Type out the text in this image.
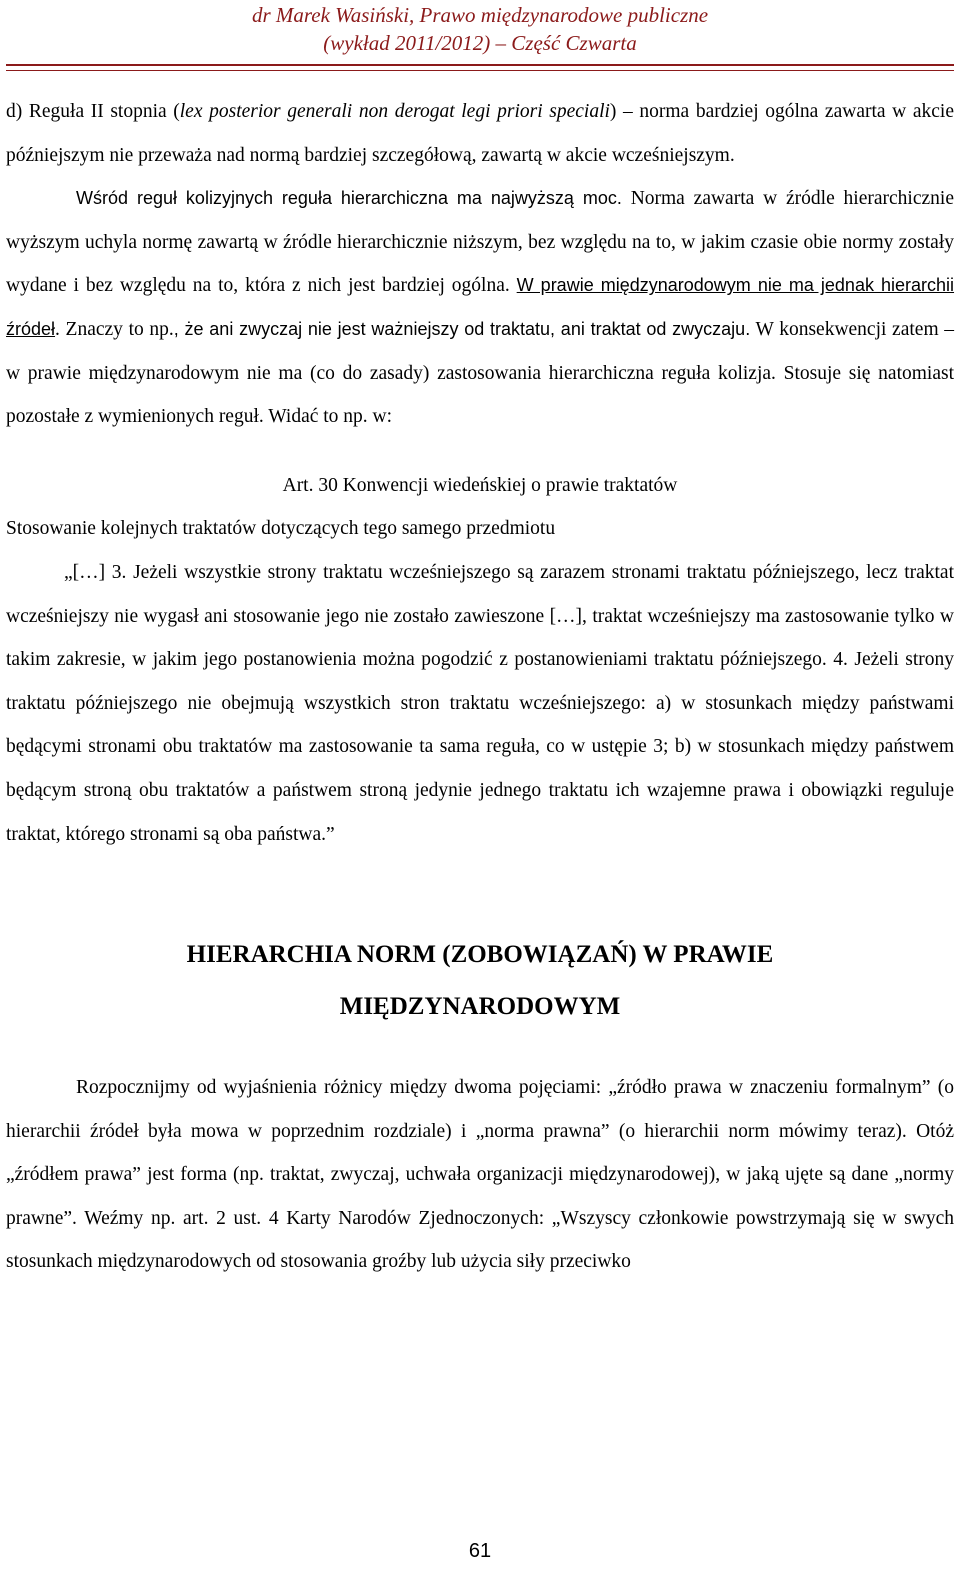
dr Marek Wasiński, Prawo międzynarodowe publiczne
(wykład 2011/2012) – Część Czwarta

d) Reguła II stopnia (lex posterior generali non derogat legi priori speciali) – norma bardziej ogólna zawarta w akcie późniejszym nie przeważa nad normą bardziej szczegółową, zawartą w akcie wcześniejszym.

Wśród reguł kolizyjnych reguła hierarchiczna ma najwyższą moc. Norma zawarta w źródle hierarchicznie wyższym uchyla normę zawartą w źródle hierarchicznie niższym, bez względu na to, w jakim czasie obie normy zostały wydane i bez względu na to, która z nich jest bardziej ogólna. W prawie międzynarodowym nie ma jednak hierarchii źródeł. Znaczy to np., że ani zwyczaj nie jest ważniejszy od traktatu, ani traktat od zwyczaju. W konsekwencji zatem – w prawie międzynarodowym nie ma (co do zasady) zastosowania hierarchiczna reguła kolizja. Stosuje się natomiast pozostałe z wymienionych reguł. Widać to np. w:

Art. 30 Konwencji wiedeńskiej o prawie traktatów

Stosowanie kolejnych traktatów dotyczących tego samego przedmiotu

„[…] 3. Jeżeli wszystkie strony traktatu wcześniejszego są zarazem stronami traktatu późniejszego, lecz traktat wcześniejszy nie wygasł ani stosowanie jego nie zostało zawieszone […], traktat wcześniejszy ma zastosowanie tylko w takim zakresie, w jakim jego postanowienia można pogodzić z postanowieniami traktatu późniejszego. 4. Jeżeli strony traktatu późniejszego nie obejmują wszystkich stron traktatu wcześniejszego: a) w stosunkach między państwami będącymi stronami obu traktatów ma zastosowanie ta sama reguła, co w ustępie 3; b) w stosunkach między państwem będącym stroną obu traktatów a państwem stroną jedynie jednego traktatu ich wzajemne prawa i obowiązki reguluje traktat, którego stronami są oba państwa.”

HIERARCHIA NORM (ZOBOWIĄZAŃ) W PRAWIE
MIĘDZYNARODOWYM

Rozpocznijmy od wyjaśnienia różnicy między dwoma pojęciami: „źródło prawa w znaczeniu formalnym” (o hierarchii źródeł była mowa w poprzednim rozdziale) i „norma prawna” (o hierarchii norm mówimy teraz). Otóż „źródłem prawa” jest forma (np. traktat, zwyczaj, uchwała organizacji międzynarodowej), w jaką ujęte są dane „normy prawne”. Weźmy np. art. 2 ust. 4 Karty Narodów Zjednoczonych: „Wszyscy członkowie powstrzymają się w swych stosunkach międzynarodowych od stosowania groźby lub użycia siły przeciwko

61
